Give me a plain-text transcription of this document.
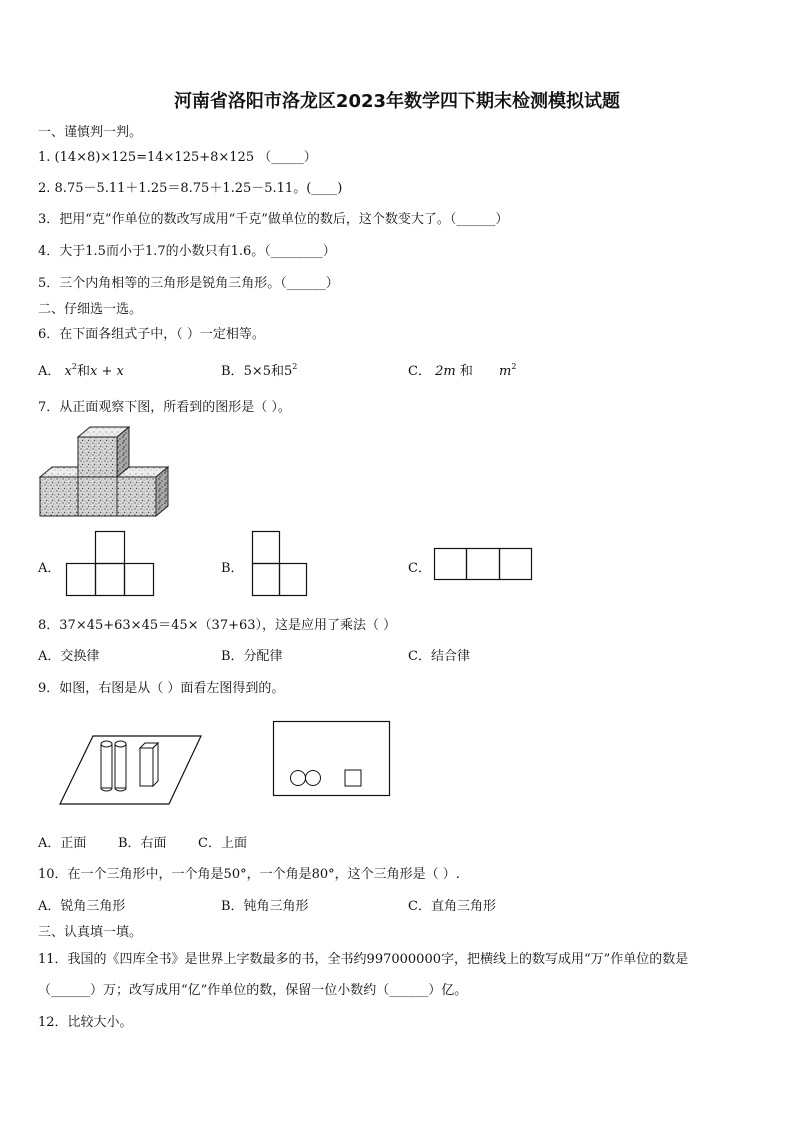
河南省洛阳市洛龙区2023年数学四下期末检测模拟试题
一、谨慎判一判。
1. (14×8)×125=14×125+8×125 （_____）
2. 8.75－5.11＋1.25＝8.75＋1.25－5.11。(____)
3．把用“克”作单位的数改写成用“千克”做单位的数后，这个数变大了。（______）
4．大于1.5而小于1.7的小数只有1.6。（________）
5．三个内角相等的三角形是锐角三角形。（______）
二、仔细选一选。
6．在下面各组式子中，（ ）一定相等。
A． $x^2$和x + x	B．5×5和$5^2$	C． 2m 和 $m^2$
7．从正面观察下图，所看到的图形是（ ）。
A．	B．	C．
8．37×45+63×45＝45×（37+63），这是应用了乘法（ ）
A．交换律	B．分配律	C．结合律
9．如图，右图是从（ ）面看左图得到的。
A．正面 B．右面 C．上面
10．在一个三角形中，一个角是50°，一个角是80°，这个三角形是（ ）.
A．锐角三角形	B．钝角三角形	C．直角三角形
三、认真填一填。
11．我国的《四库全书》是世界上字数最多的书，全书约997000000字，把横线上的数写成用“万”作单位的数是
（______）万；改写成用“亿”作单位的数，保留一位小数约（______）亿。
12．比较大小。
